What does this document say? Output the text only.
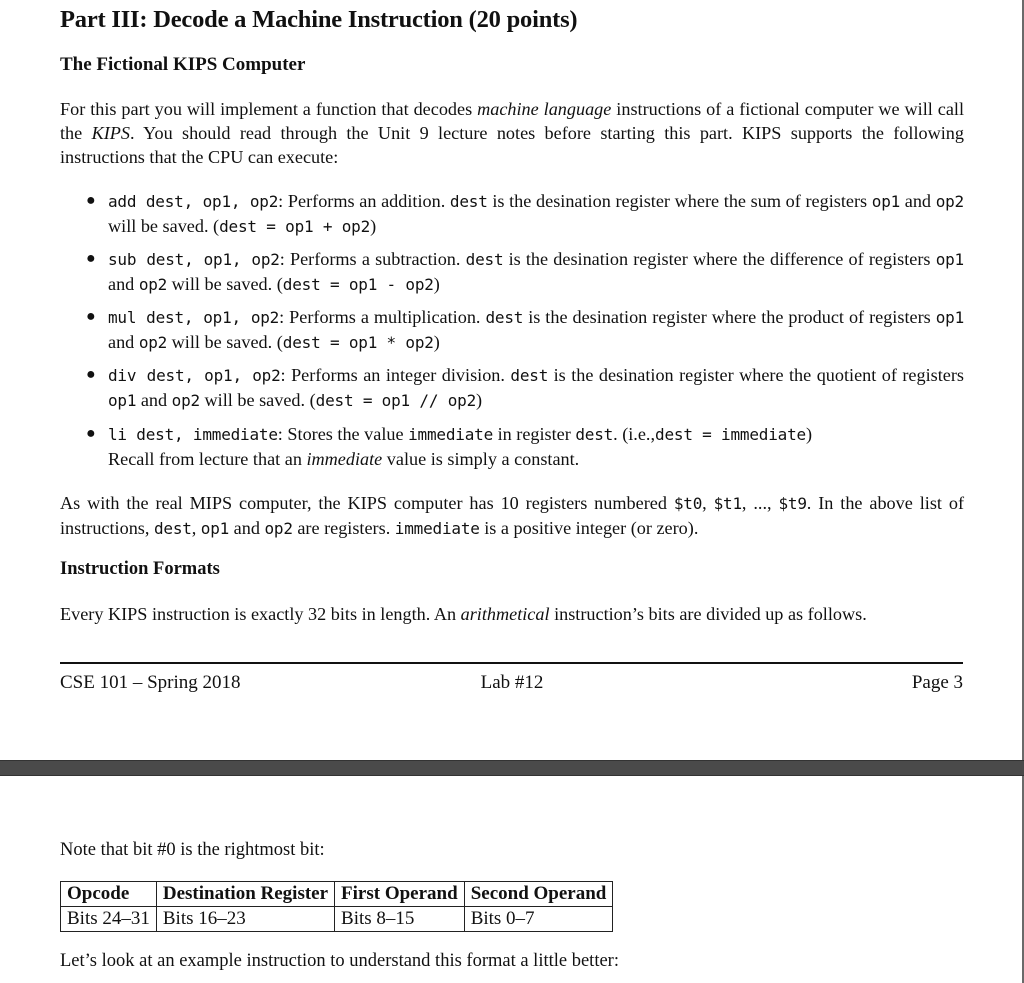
Part III: Decode a Machine Instruction (20 points)
The Fictional KIPS Computer
For this part you will implement a function that decodes machine language instructions of a fictional computer we will call the KIPS. You should read through the Unit 9 lecture notes before starting this part. KIPS supports the following instructions that the CPU can execute:
● add dest, op1, op2: Performs an addition. dest is the desination register where the sum of registers op1 and op2 will be saved. (dest = op1 + op2)
● sub dest, op1, op2: Performs a subtraction. dest is the desination register where the difference of registers op1 and op2 will be saved. (dest = op1 - op2)
● mul dest, op1, op2: Performs a multiplication. dest is the desination register where the product of registers op1 and op2 will be saved. (dest = op1 * op2)
● div dest, op1, op2: Performs an integer division. dest is the desination register where the quotient of registers op1 and op2 will be saved. (dest = op1 // op2)
● li dest, immediate: Stores the value immediate in register dest. (i.e.,dest = immediate)
Recall from lecture that an immediate value is simply a constant.
As with the real MIPS computer, the KIPS computer has 10 registers numbered $t0, $t1, ..., $t9. In the above list of instructions, dest, op1 and op2 are registers. immediate is a positive integer (or zero).
Instruction Formats
Every KIPS instruction is exactly 32 bits in length. An arithmetical instruction’s bits are divided up as follows.
CSE 101 – Spring 2018	Lab #12	Page 3
Note that bit #0 is the rightmost bit:
Opcode	Destination Register	First Operand	Second Operand
Bits 24–31	Bits 16–23	Bits 8–15	Bits 0–7
Let’s look at an example instruction to understand this format a little better:
